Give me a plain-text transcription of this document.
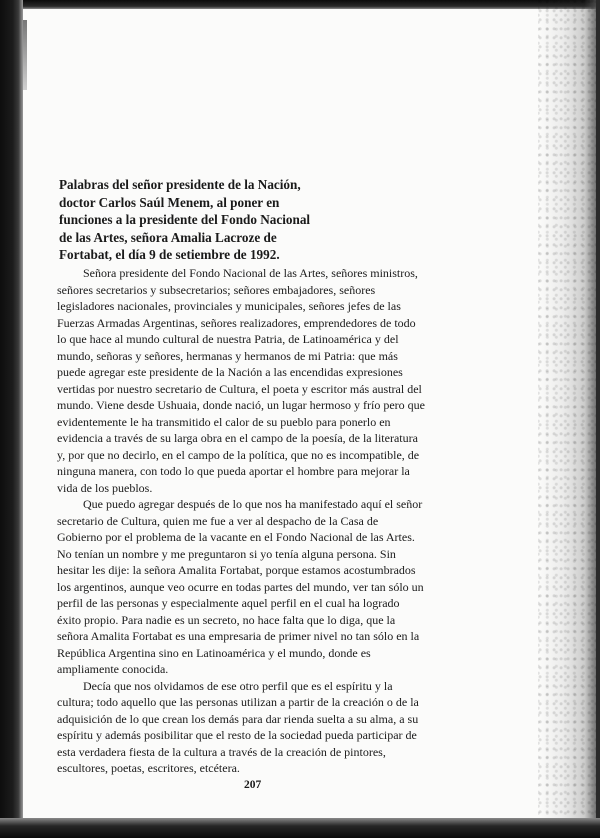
Palabras del señor presidente de la Nación,
doctor Carlos Saúl Menem, al poner en
funciones a la presidente del Fondo Nacional
de las Artes, señora Amalia Lacroze de
Fortabat, el día 9 de setiembre de 1992.

Señora presidente del Fondo Nacional de las Artes, señores ministros,
señores secretarios y subsecretarios; señores embajadores, señores
legisladores nacionales, provinciales y municipales, señores jefes de las
Fuerzas Armadas Argentinas, señores realizadores, emprendedores de todo
lo que hace al mundo cultural de nuestra Patria, de Latinoamérica y del
mundo, señoras y señores, hermanas y hermanos de mi Patria: que más
puede agregar este presidente de la Nación a las encendidas expresiones
vertidas por nuestro secretario de Cultura, el poeta y escritor más austral del
mundo. Viene desde Ushuaia, donde nació, un lugar hermoso y frío pero que
evidentemente le ha transmitido el calor de su pueblo para ponerlo en
evidencia a través de su larga obra en el campo de la poesía, de la literatura
y, por que no decirlo, en el campo de la política, que no es incompatible, de
ninguna manera, con todo lo que pueda aportar el hombre para mejorar la
vida de los pueblos.

Que puedo agregar después de lo que nos ha manifestado aquí el señor
secretario de Cultura, quien me fue a ver al despacho de la Casa de
Gobierno por el problema de la vacante en el Fondo Nacional de las Artes.
No tenían un nombre y me preguntaron si yo tenía alguna persona. Sin
hesitar les dije: la señora Amalita Fortabat, porque estamos acostumbrados
los argentinos, aunque veo ocurre en todas partes del mundo, ver tan sólo un
perfil de las personas y especialmente aquel perfil en el cual ha logrado
éxito propio. Para nadie es un secreto, no hace falta que lo diga, que la
señora Amalita Fortabat es una empresaria de primer nivel no tan sólo en la
República Argentina sino en Latinoamérica y el mundo, donde es
ampliamente conocida.

Decía que nos olvidamos de ese otro perfil que es el espíritu y la
cultura; todo aquello que las personas utilizan a partir de la creación o de la
adquisición de lo que crean los demás para dar rienda suelta a su alma, a su
espíritu y además posibilitar que el resto de la sociedad pueda participar de
esta verdadera fiesta de la cultura a través de la creación de pintores,
escultores, poetas, escritores, etcétera.

207
